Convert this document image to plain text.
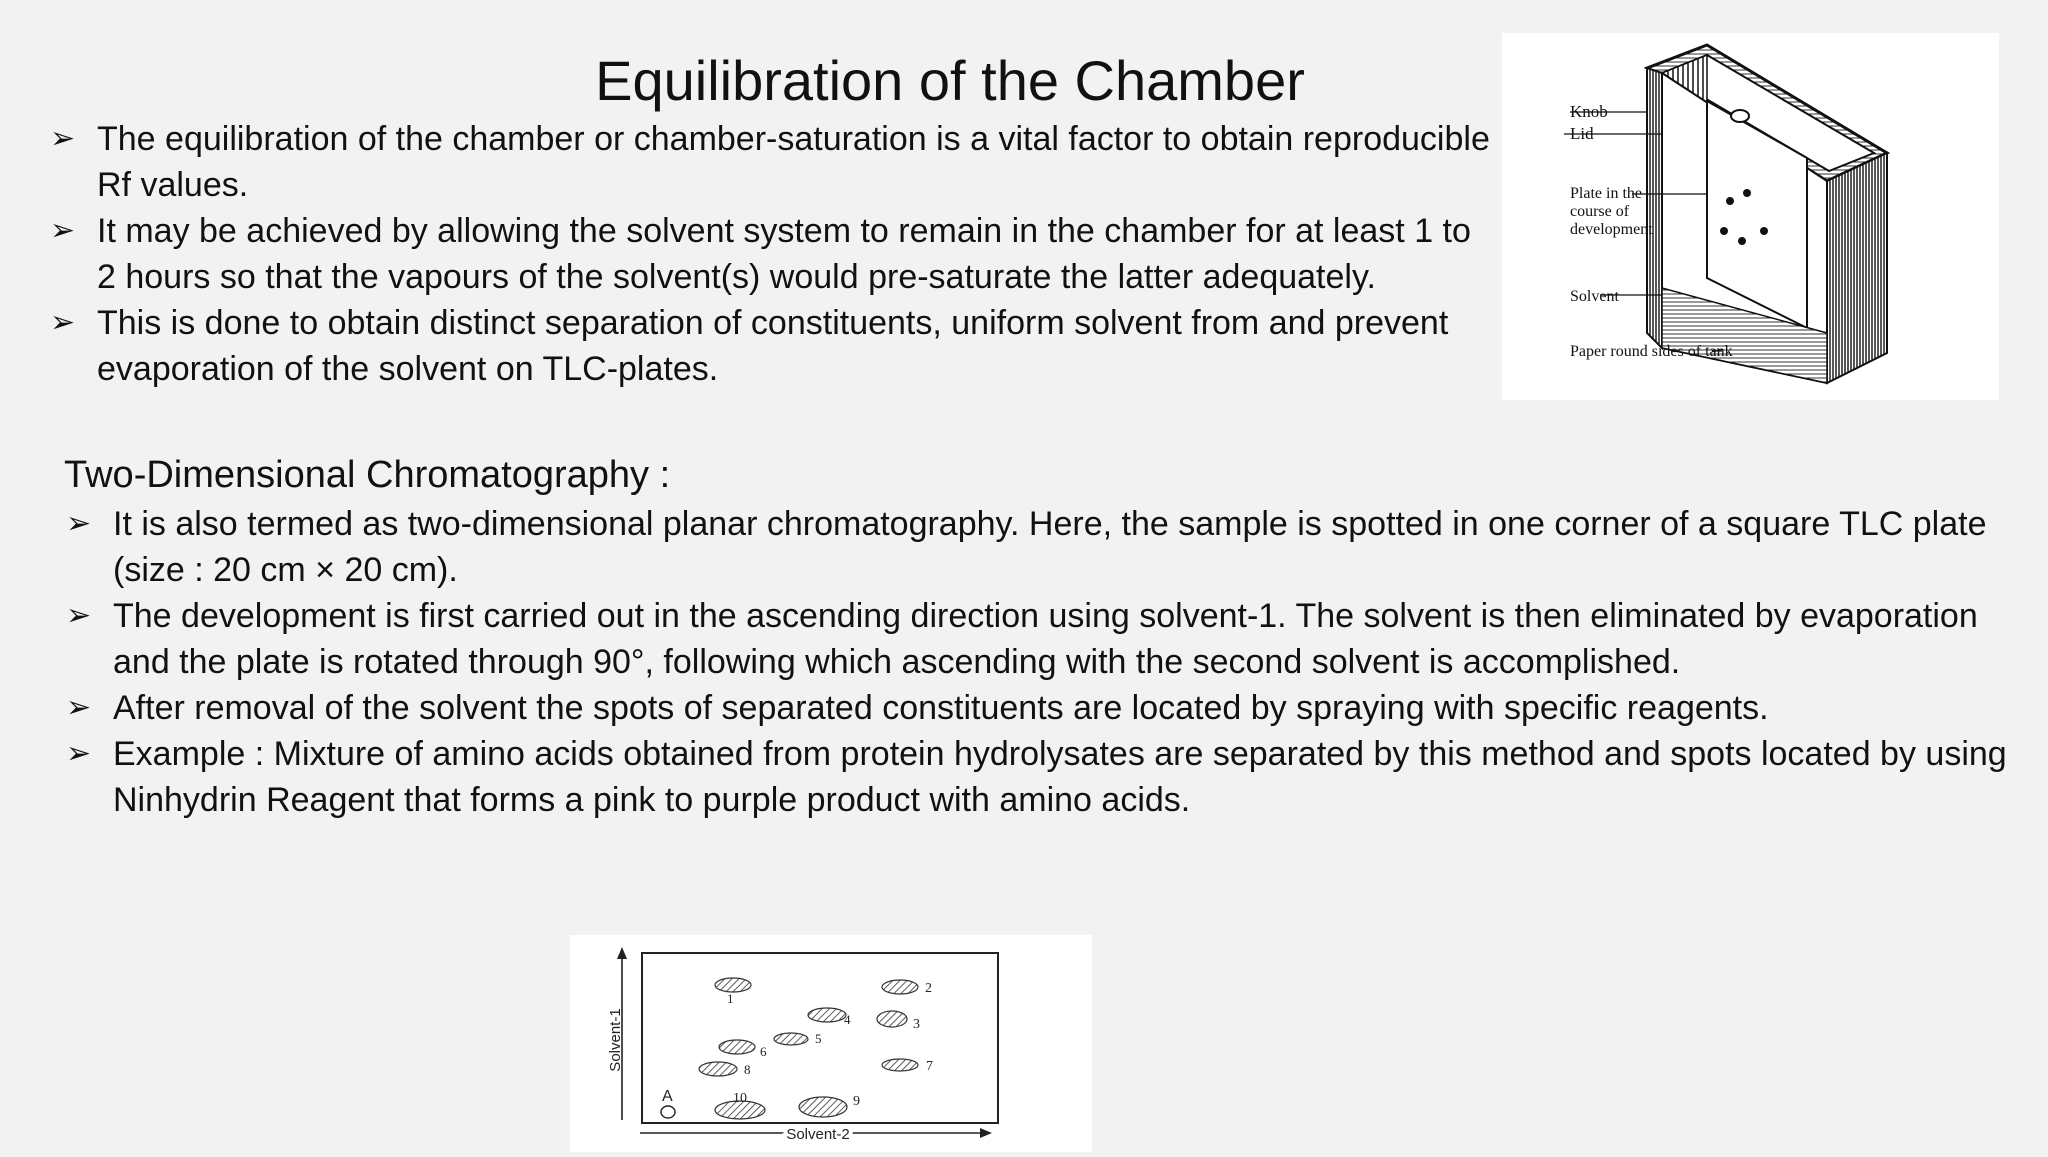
Equilibration of the Chamber
➢ The equilibration of the chamber or chamber-saturation is a vital factor to obtain reproducible Rf values.
➢ It may be achieved by allowing the solvent system to remain in the chamber for at least 1 to 2 hours so that the vapours of the solvent(s) would pre-saturate the latter adequately.
➢ This is done to obtain distinct separation of constituents, uniform solvent from and prevent evaporation of the solvent on TLC-plates.
Knob
Lid
Plate in the
course of
development
Solvent
Paper round sides of tank
Two-Dimensional Chromatography :
➢ It is also termed as two-dimensional planar chromatography. Here, the sample is spotted in one corner of a square TLC plate (size : 20 cm × 20 cm).
➢ The development is first carried out in the ascending direction using solvent-1. The solvent is then eliminated by evaporation and the plate is rotated through 90°, following which ascending with the second solvent is accomplished.
➢ After removal of the solvent the spots of separated constituents are located by spraying with specific reagents.
➢ Example : Mixture of amino acids obtained from protein hydrolysates are separated by this method and spots located by using Ninhydrin Reagent that forms a pink to purple product with amino acids.
Solvent-1
Solvent-2
A
1
2
3
4
5
6
7
8
9
10
